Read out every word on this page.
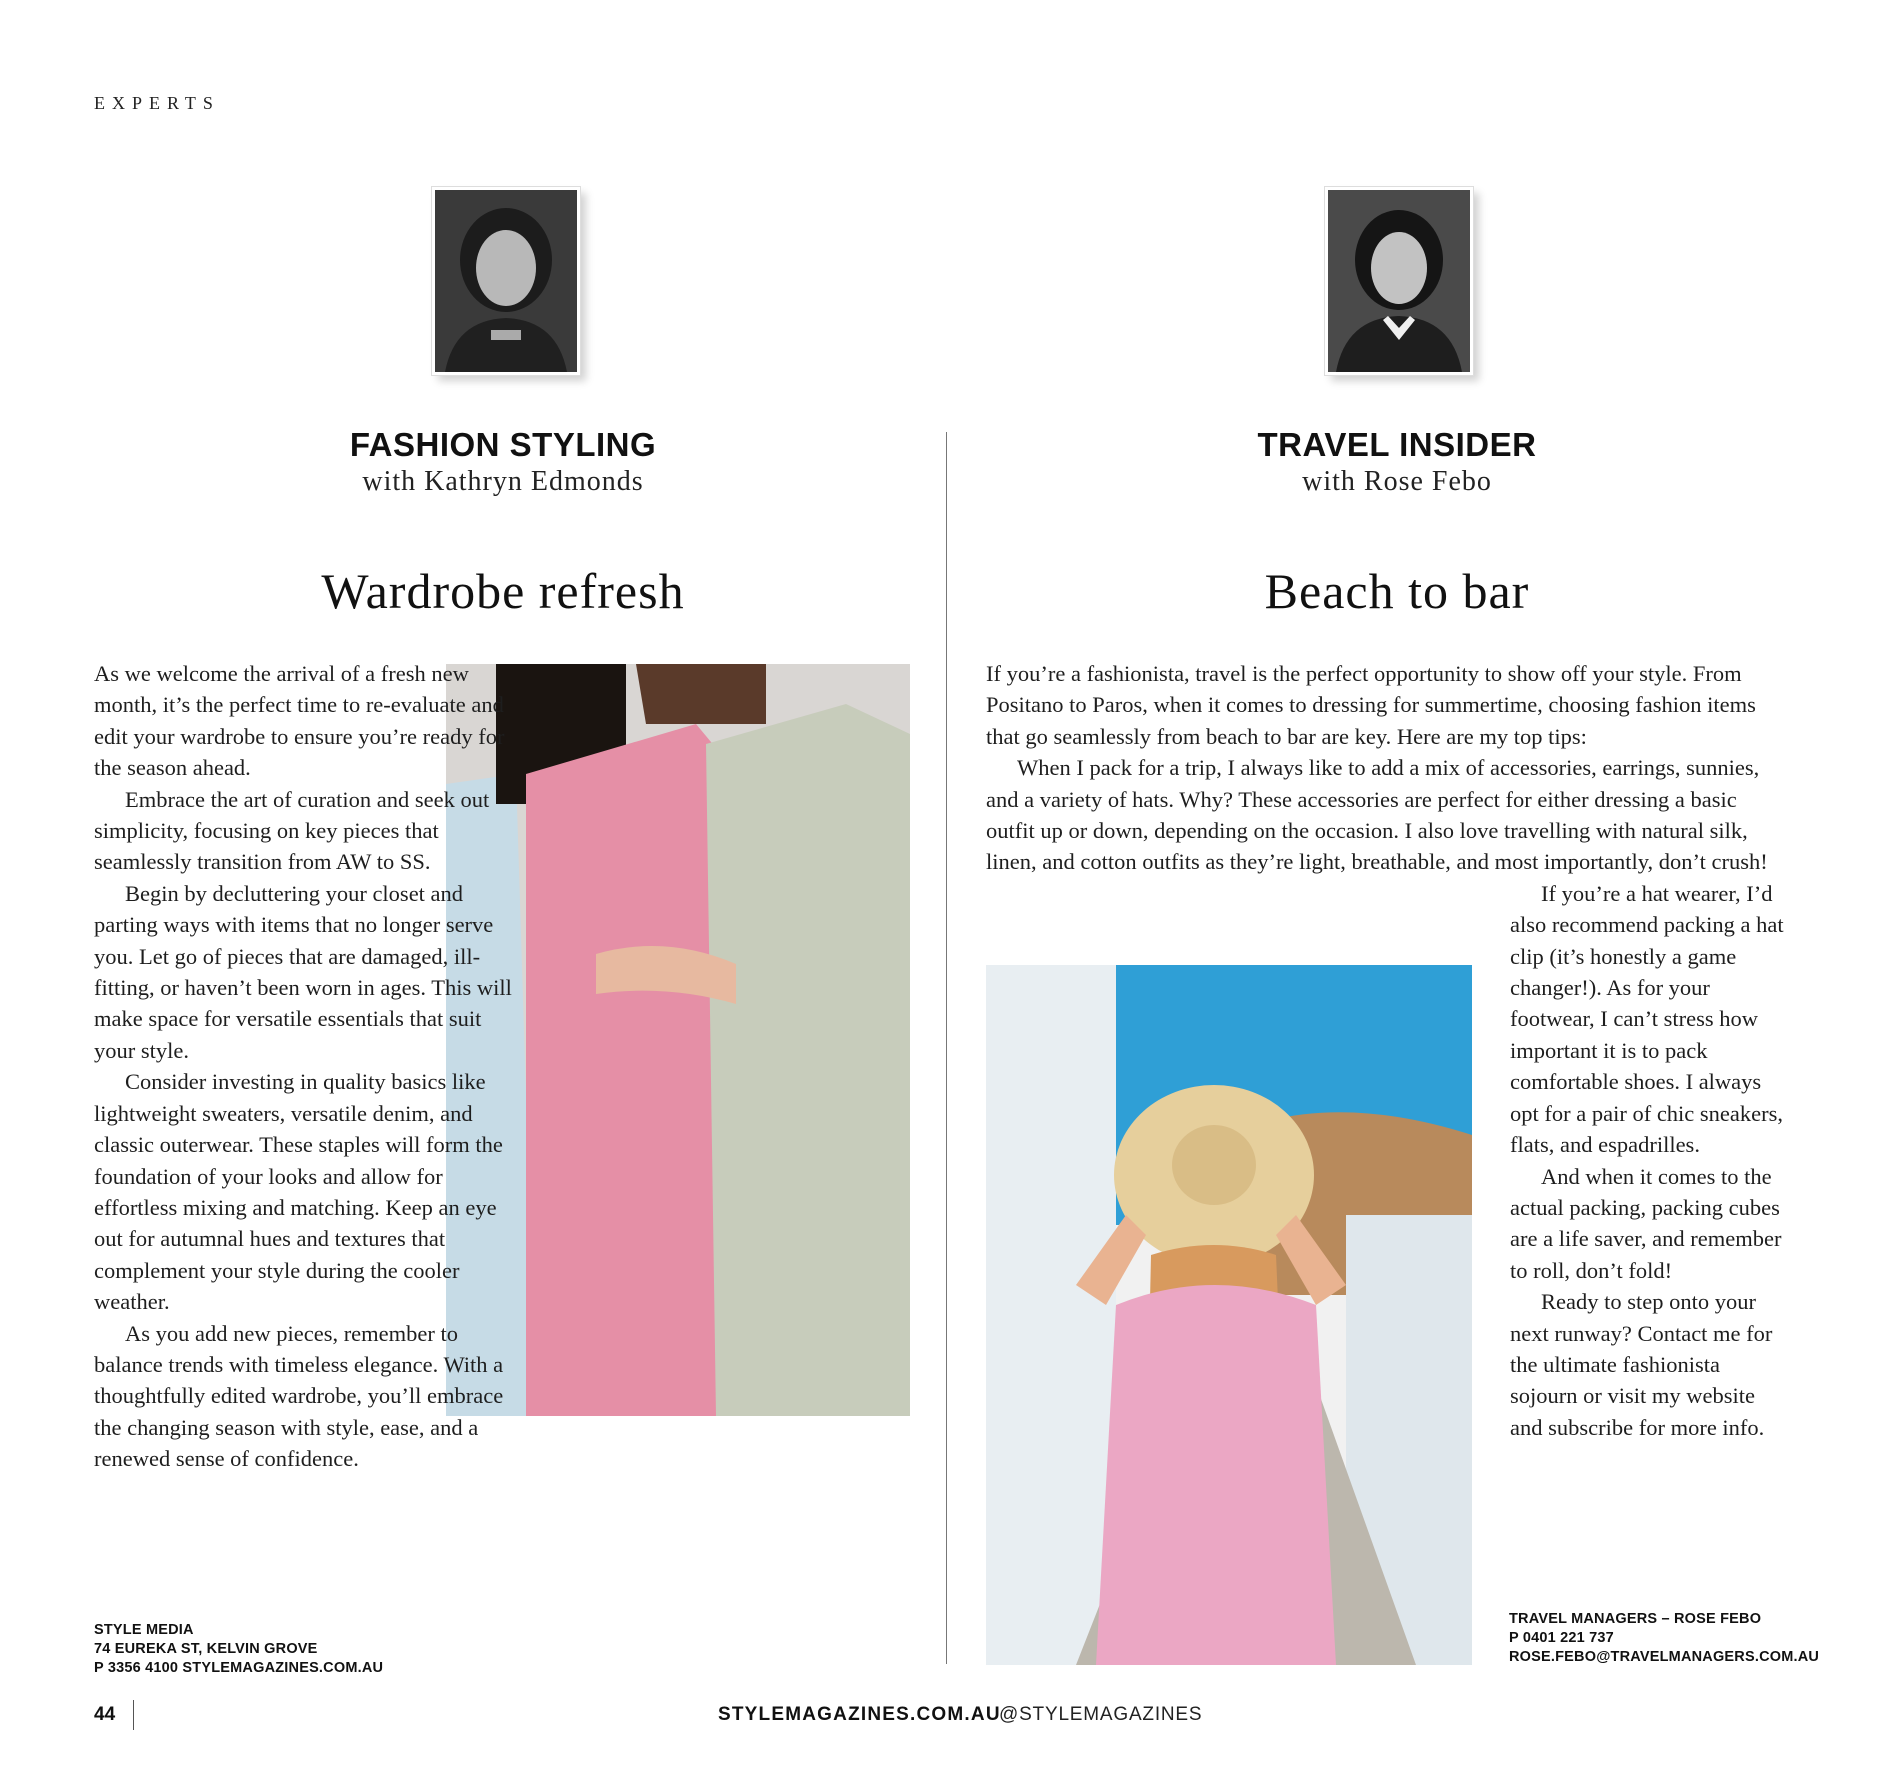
EXPERTS
FASHION STYLING
with Kathryn Edmonds
Wardrobe refresh

As we welcome the arrival of a fresh new month, it’s the perfect time to re-evaluate and edit your wardrobe to ensure you’re ready for the season ahead.

Embrace the art of curation and seek out simplicity, focusing on key pieces that seamlessly transition from AW to SS.

Begin by decluttering your closet and parting ways with items that no longer serve you. Let go of pieces that are damaged, ill-fitting, or haven’t been worn in ages. This will make space for versatile essentials that suit your style.

Consider investing in quality basics like lightweight sweaters, versatile denim, and classic outerwear. These staples will form the foundation of your looks and allow for effortless mixing and matching. Keep an eye out for autumnal hues and textures that complement your style during the cooler weather.

As you add new pieces, remember to balance trends with timeless elegance. With a thoughtfully edited wardrobe, you’ll embrace the changing season with style, ease, and a renewed sense of confidence.

STYLE MEDIA
74 EUREKA ST, KELVIN GROVE
P 3356 4100 STYLEMAGAZINES.COM.AU
TRAVEL INSIDER
with Rose Febo
Beach to bar

If you’re a fashionista, travel is the perfect opportunity to show off your style. From Positano to Paros, when it comes to dressing for summertime, choosing fashion items that go seamlessly from beach to bar are key. Here are my top tips:

When I pack for a trip, I always like to add a mix of accessories, earrings, sunnies, and a variety of hats. Why? These accessories are perfect for either dressing a basic outfit up or down, depending on the occasion. I also love travelling with natural silk, linen, and cotton outfits as they’re light, breathable, and most importantly, don’t crush!

If you’re a hat wearer, I’d also recommend packing a hat clip (it’s honestly a game changer!). As for your footwear, I can’t stress how important it is to pack comfortable shoes. I always opt for a pair of chic sneakers, flats, and espadrilles.

And when it comes to the actual packing, packing cubes are a life saver, and remember to roll, don’t fold!

Ready to step onto your next runway? Contact me for the ultimate fashionista sojourn or visit my website and subscribe for more info.

TRAVEL MANAGERS – ROSE FEBO
P 0401 221 737
ROSE.FEBO@TRAVELMANAGERS.COM.AU
44	STYLEMAGAZINES.COM.AU
@STYLEMAGAZINES
